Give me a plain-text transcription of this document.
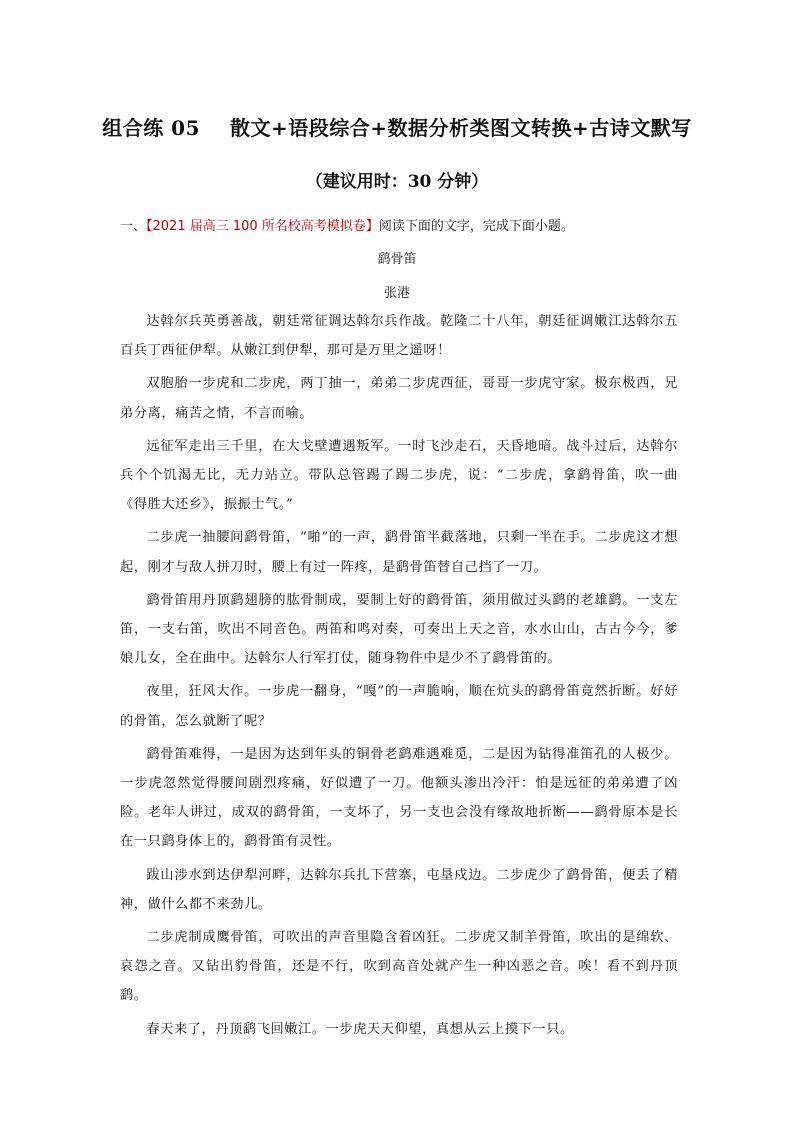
组合练 05 散文+语段综合+数据分析类图文转换+古诗文默写
（建议用时：30 分钟）
一、【2021 届高三 100 所名校高考模拟卷】阅读下面的文字，完成下面小题。
鹞骨笛
张港

达斡尔兵英勇善战，朝廷常征调达斡尔兵作战。乾隆二十八年，朝廷征调嫩江达斡尔五百兵丁西征伊犁。从嫩江到伊犁，那可是万里之遥呀！

双胞胎一步虎和二步虎，两丁抽一，弟弟二步虎西征，哥哥一步虎守家。极东极西，兄弟分离，痛苦之情，不言而喻。

远征军走出三千里，在大戈壁遭遇叛军。一时飞沙走石，天昏地暗。战斗过后，达斡尔兵个个饥渴无比，无力站立。带队总管踢了踢二步虎，说：“二步虎，拿鹞骨笛，吹一曲《得胜大还乡》，振振士气。”

二步虎一抽腰间鹞骨笛，“啪”的一声，鹞骨笛半截落地，只剩一半在手。二步虎这才想起，刚才与敌人拼刀时，腰上有过一阵疼，是鹞骨笛替自己挡了一刀。

鹞骨笛用丹顶鹞翅膀的肱骨制成，要制上好的鹞骨笛，须用做过头鹞的老雄鹞。一支左笛，一支右笛，吹出不同音色。两笛和鸣对奏，可奏出上天之音，水水山山，古古今今，爹娘儿女，全在曲中。达斡尔人行军打仗，随身物件中是少不了鹞骨笛的。

夜里，狂风大作。一步虎一翻身，“嘎”的一声脆响，顺在炕头的鹞骨笛竟然折断。好好的骨笛，怎么就断了呢？

鹞骨笛难得，一是因为达到年头的铜骨老鹞难遇难觅，二是因为钻得准笛孔的人极少。一步虎忽然觉得腰间剧烈疼痛，好似遭了一刀。他额头渗出冷汗：怕是远征的弟弟遭了凶险。老年人讲过，成双的鹞骨笛，一支坏了，另一支也会没有缘故地折断——鹞骨原本是长在一只鹞身体上的，鹞骨笛有灵性。

跋山涉水到达伊犁河畔，达斡尔兵扎下营寨，屯垦戍边。二步虎少了鹞骨笛，便丢了精神，做什么都不来劲儿。

二步虎制成鹰骨笛，可吹出的声音里隐含着凶狂。二步虎又制羊骨笛，吹出的是绵软、哀怨之音。又钻出豹骨笛，还是不行，吹到高音处就产生一种凶恶之音。唉！看不到丹顶鹞。

春天来了，丹顶鹞飞回嫩江。一步虎天天仰望，真想从云上摸下一只。
